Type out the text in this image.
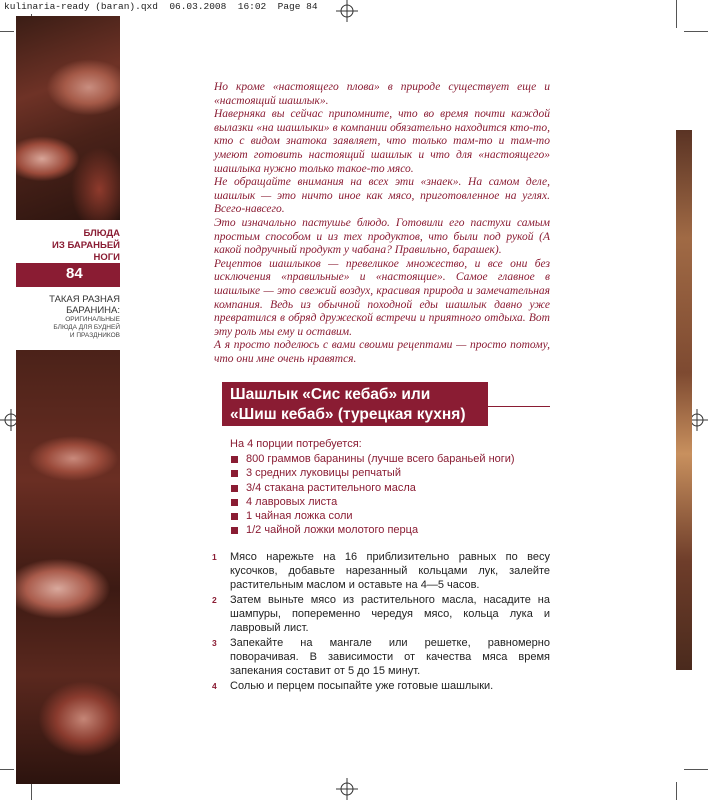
kulinaria-ready (baran).qxd  06.03.2008  16:02  Page 84
БЛЮДА
ИЗ БАРАНЬЕЙ
НОГИ
84
ТАКАЯ РАЗНАЯ
БАРАНИНА:
ОРИГИНАЛЬНЫЕ
БЛЮДА ДЛЯ БУДНЕЙ
И ПРАЗДНИКОВ

Но кроме «настоящего плова» в природе существует еще и «настоящий шашлык».

Наверняка вы сейчас припомните, что во время почти каждой вылазки «на шашлыки» в компании обязательно находится кто-то, кто с видом знатока заявляет, что только там-то и там-то умеют готовить настоящий шашлык и что для «настоящего» шашлыка нужно только такое-то мясо.

Не обращайте внимания на всех эти «знаек». На самом деле, шашлык — это ничто иное как мясо, приготовленное на углях. Всего-навсего.

Это изначально пастушье блюдо. Готовили его пастухи самым простым способом и из тех продуктов, что были под рукой (А какой подручный продукт у чабана? Правильно, барашек).

Рецептов шашлыков — превеликое множество, и все они без исключения «правильные» и «настоящие». Самое главное в шашлыке — это свежий воздух, красивая природа и замечательная компания. Ведь из обычной походной еды шашлык давно уже превратился в обряд дружеской встречи и приятного отдыха. Вот эту роль мы ему и оставим.

А я просто поделюсь с вами своими рецептами — просто потому, что они мне очень нравятся.

Шашлык «Сис кебаб» или
«Шиш кебаб» (турецкая кухня)
На 4 порции потребуется:
800 граммов баранины (лучше всего бараньей ноги)
3 средних луковицы репчатый
3/4 стакана растительного масла
4 лавровых листа
1 чайная ложка соли
1/2 чайной ложки молотого перца
1 Мясо нарежьте на 16 приблизительно равных по весу кусочков, добавьте нарезанный кольцами лук, залейте растительным маслом и оставьте на 4—5 часов.
2 Затем выньте мясо из растительного масла, насадите на шампуры, попеременно чередуя мясо, кольца лука и лавровый лист.
3 Запекайте на мангале или решетке, равномерно поворачивая. В зависимости от качества мяса время запекания составит от 5 до 15 минут.
4 Солью и перцем посыпайте уже готовые шашлыки.
